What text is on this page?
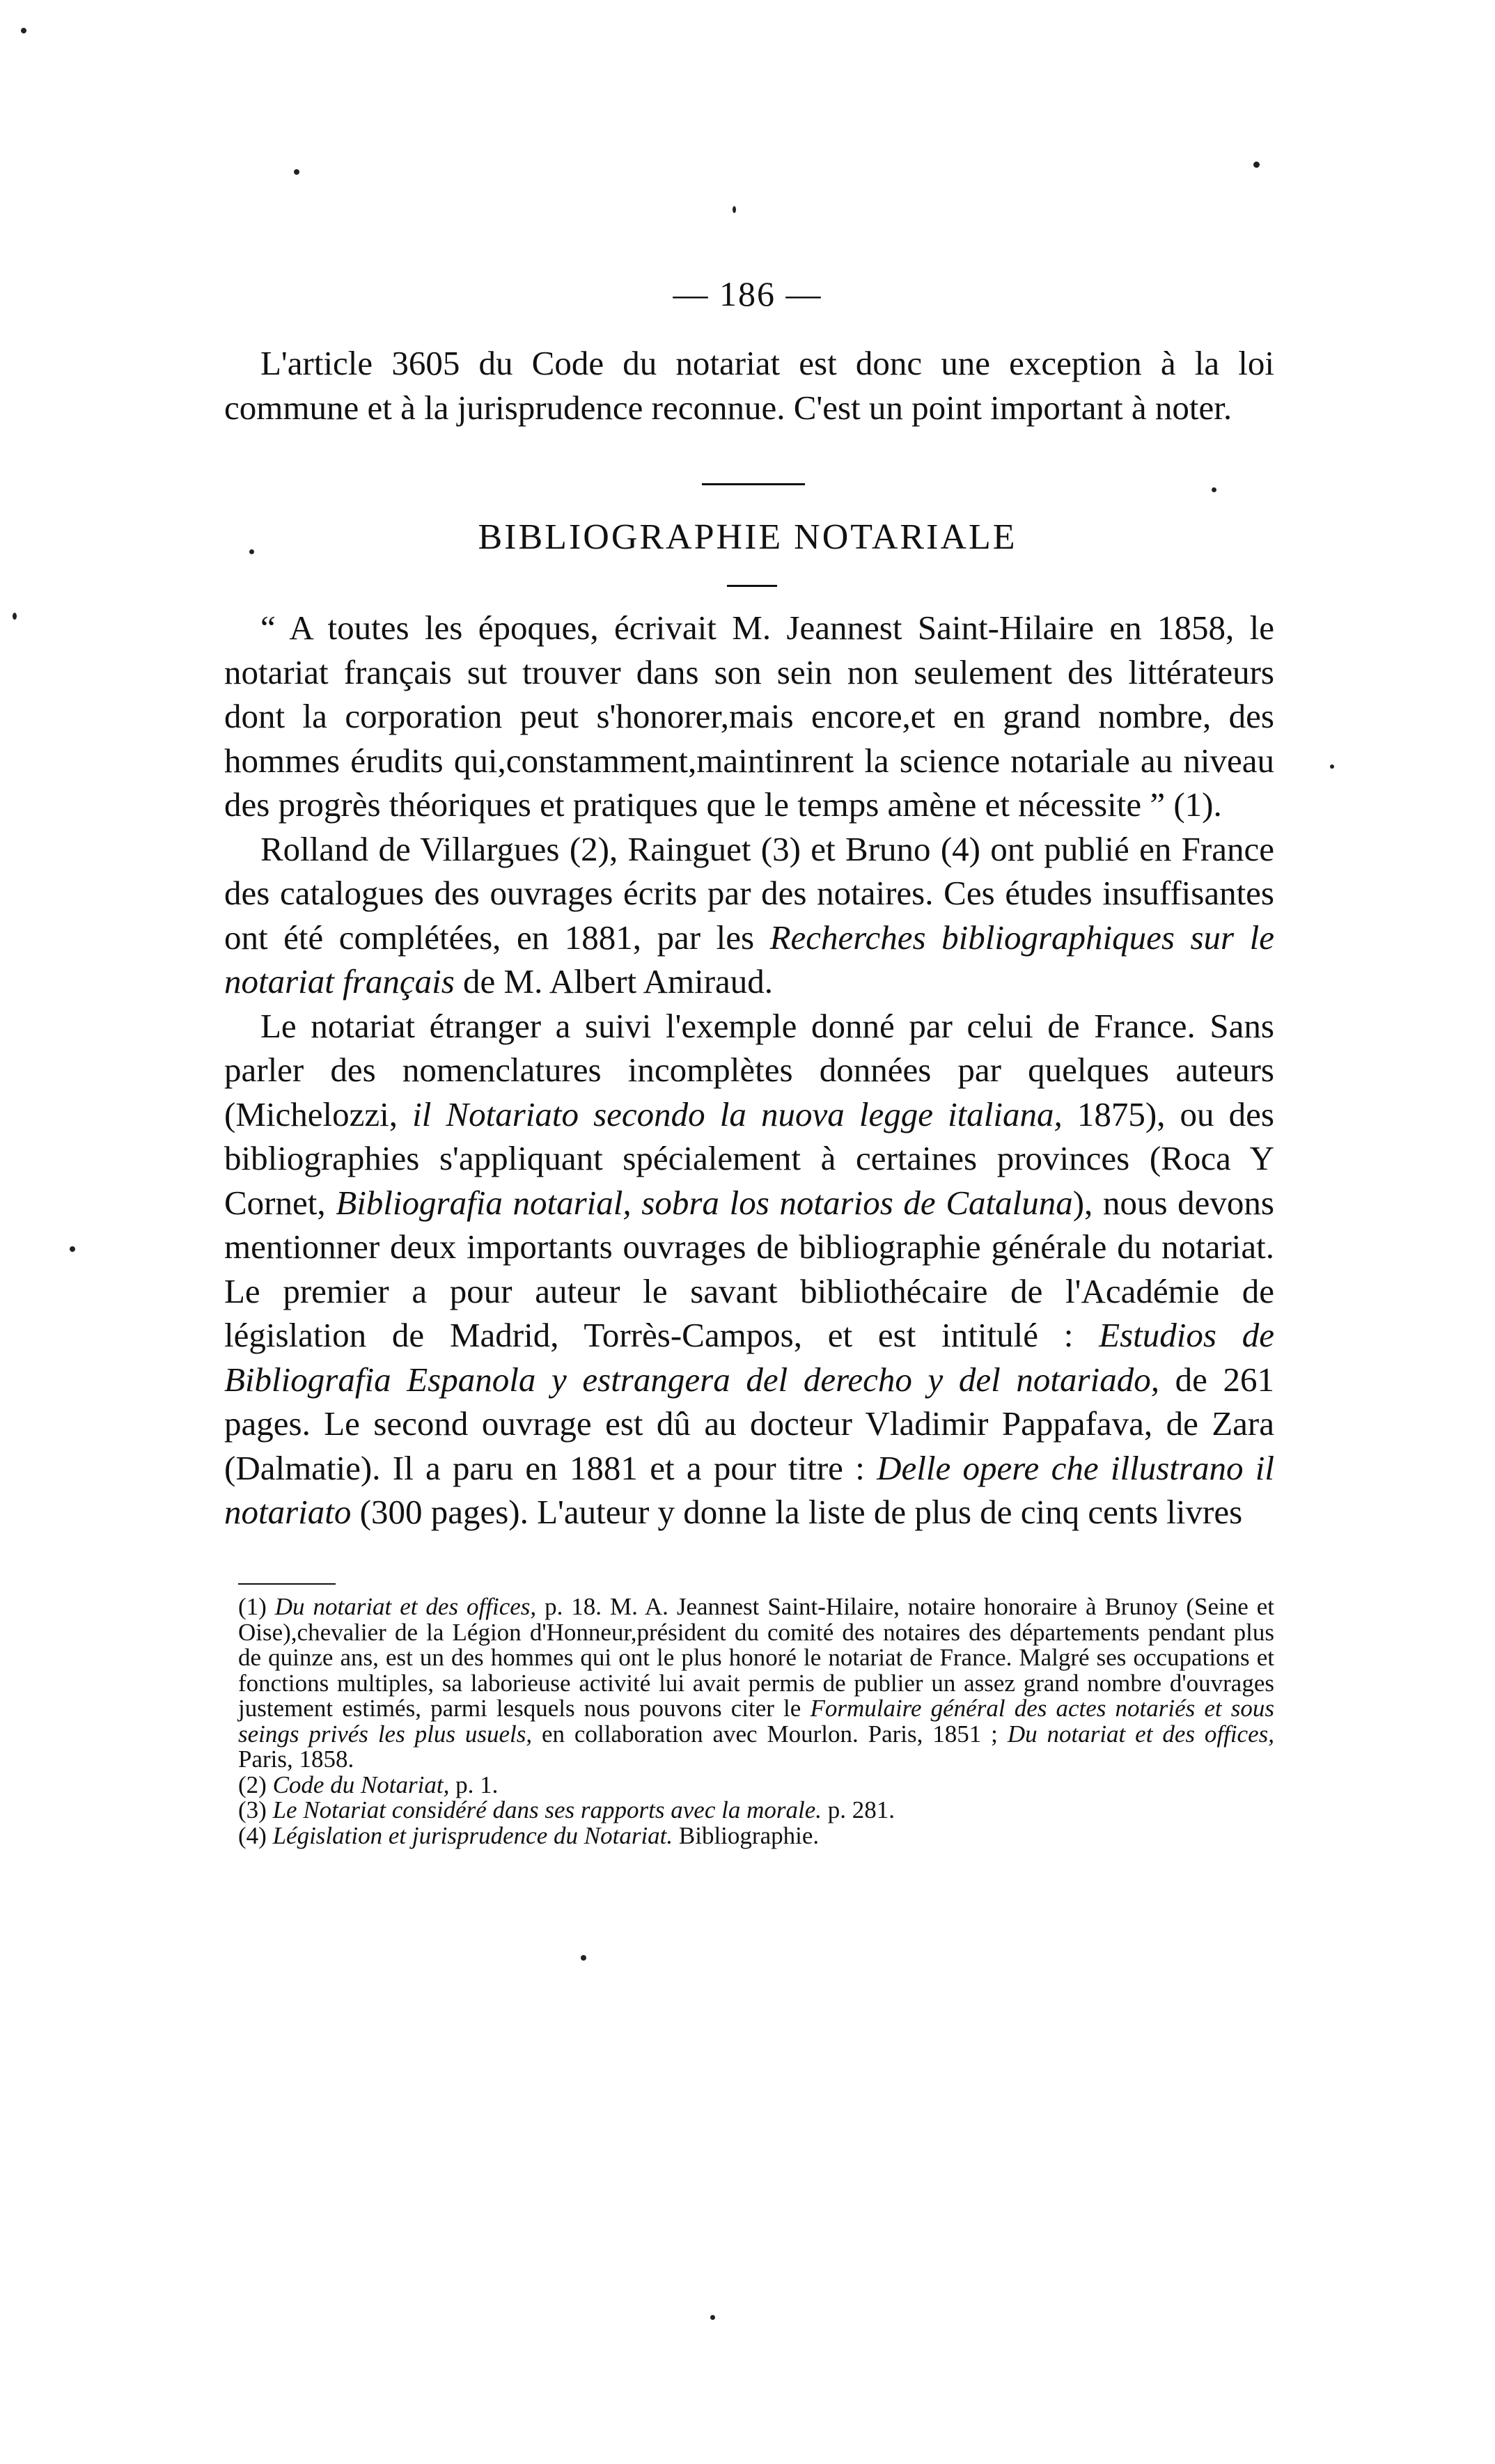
— 186 —
L'article 3605 du Code du notariat est donc une exception à la loi commune et à la jurisprudence reconnue. C'est un point important à noter.
BIBLIOGRAPHIE NOTARIALE

“ A toutes les époques, écrivait M. Jeannest Saint-Hilaire en 1858, le notariat français sut trouver dans son sein non seulement des littérateurs dont la corporation peut s'honorer,mais encore,et en grand nombre, des hommes érudits qui,constamment,maintinrent la science notariale au niveau des progrès théoriques et pratiques que le temps amène et nécessite ” (1).

Rolland de Villargues (2), Rainguet (3) et Bruno (4) ont publié en France des catalogues des ouvrages écrits par des notaires. Ces études insuffisantes ont été complétées, en 1881, par les Recherches bibliographiques sur le notariat français de M. Albert Amiraud.

Le notariat étranger a suivi l'exemple donné par celui de France. Sans parler des nomenclatures incomplètes données par quelques auteurs (Michelozzi, il Notariato secondo la nuova legge italiana, 1875), ou des bibliographies s'appliquant spécialement à certaines provinces (Roca Y Cornet, Bibliografia notarial, sobra los notarios de Cataluna), nous devons mentionner deux importants ouvrages de bibliographie générale du notariat. Le premier a pour auteur le savant bibliothécaire de l'Académie de législation de Madrid, Torrès-Campos, et est intitulé : Estudios de Bibliografia Espanola y estrangera del derecho y del notariado, de 261 pages. Le second ouvrage est dû au docteur Vladimir Pappafava, de Zara (Dalmatie). Il a paru en 1881 et a pour titre : Delle opere che illustrano il notariato (300 pages). L'auteur y donne la liste de plus de cinq cents livres

(1) Du notariat et des offices, p. 18. M. A. Jeannest Saint-Hilaire, notaire honoraire à Brunoy (Seine et Oise),chevalier de la Légion d'Honneur,président du comité des notaires des départements pendant plus de quinze ans, est un des hommes qui ont le plus honoré le notariat de France. Malgré ses occupations et fonctions multiples, sa laborieuse activité lui avait permis de publier un assez grand nombre d'ouvrages justement estimés, parmi lesquels nous pouvons citer le Formulaire général des actes notariés et sous seings privés les plus usuels, en collaboration avec Mourlon. Paris, 1851 ; Du notariat et des offices, Paris, 1858.

(2) Code du Notariat, p. 1.

(3) Le Notariat considéré dans ses rapports avec la morale. p. 281.

(4) Législation et jurisprudence du Notariat. Bibliographie.
